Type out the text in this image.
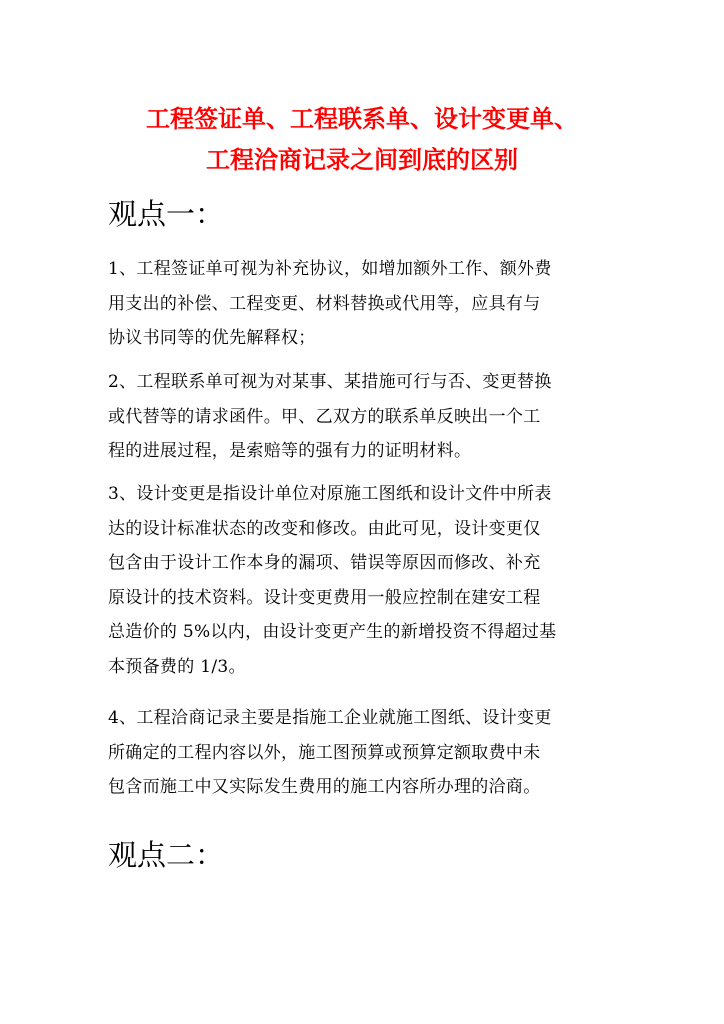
工程签证单、工程联系单、设计变更单、
工程洽商记录之间到底的区别
观点一：
1、工程签证单可视为补充协议，如增加额外工作、额外费
用支出的补偿、工程变更、材料替换或代用等，应具有与
协议书同等的优先解释权；
2、工程联系单可视为对某事、某措施可行与否、变更替换
或代替等的请求函件。甲、乙双方的联系单反映出一个工
程的进展过程，是索赔等的强有力的证明材料。
3、设计变更是指设计单位对原施工图纸和设计文件中所表
达的设计标准状态的改变和修改。由此可见，设计变更仅
包含由于设计工作本身的漏项、错误等原因而修改、补充
原设计的技术资料。设计变更费用一般应控制在建安工程
总造价的 5%以内，由设计变更产生的新增投资不得超过基
本预备费的 1/3。
4、工程洽商记录主要是指施工企业就施工图纸、设计变更
所确定的工程内容以外，施工图预算或预算定额取费中未
包含而施工中又实际发生费用的施工内容所办理的洽商。
观点二：
